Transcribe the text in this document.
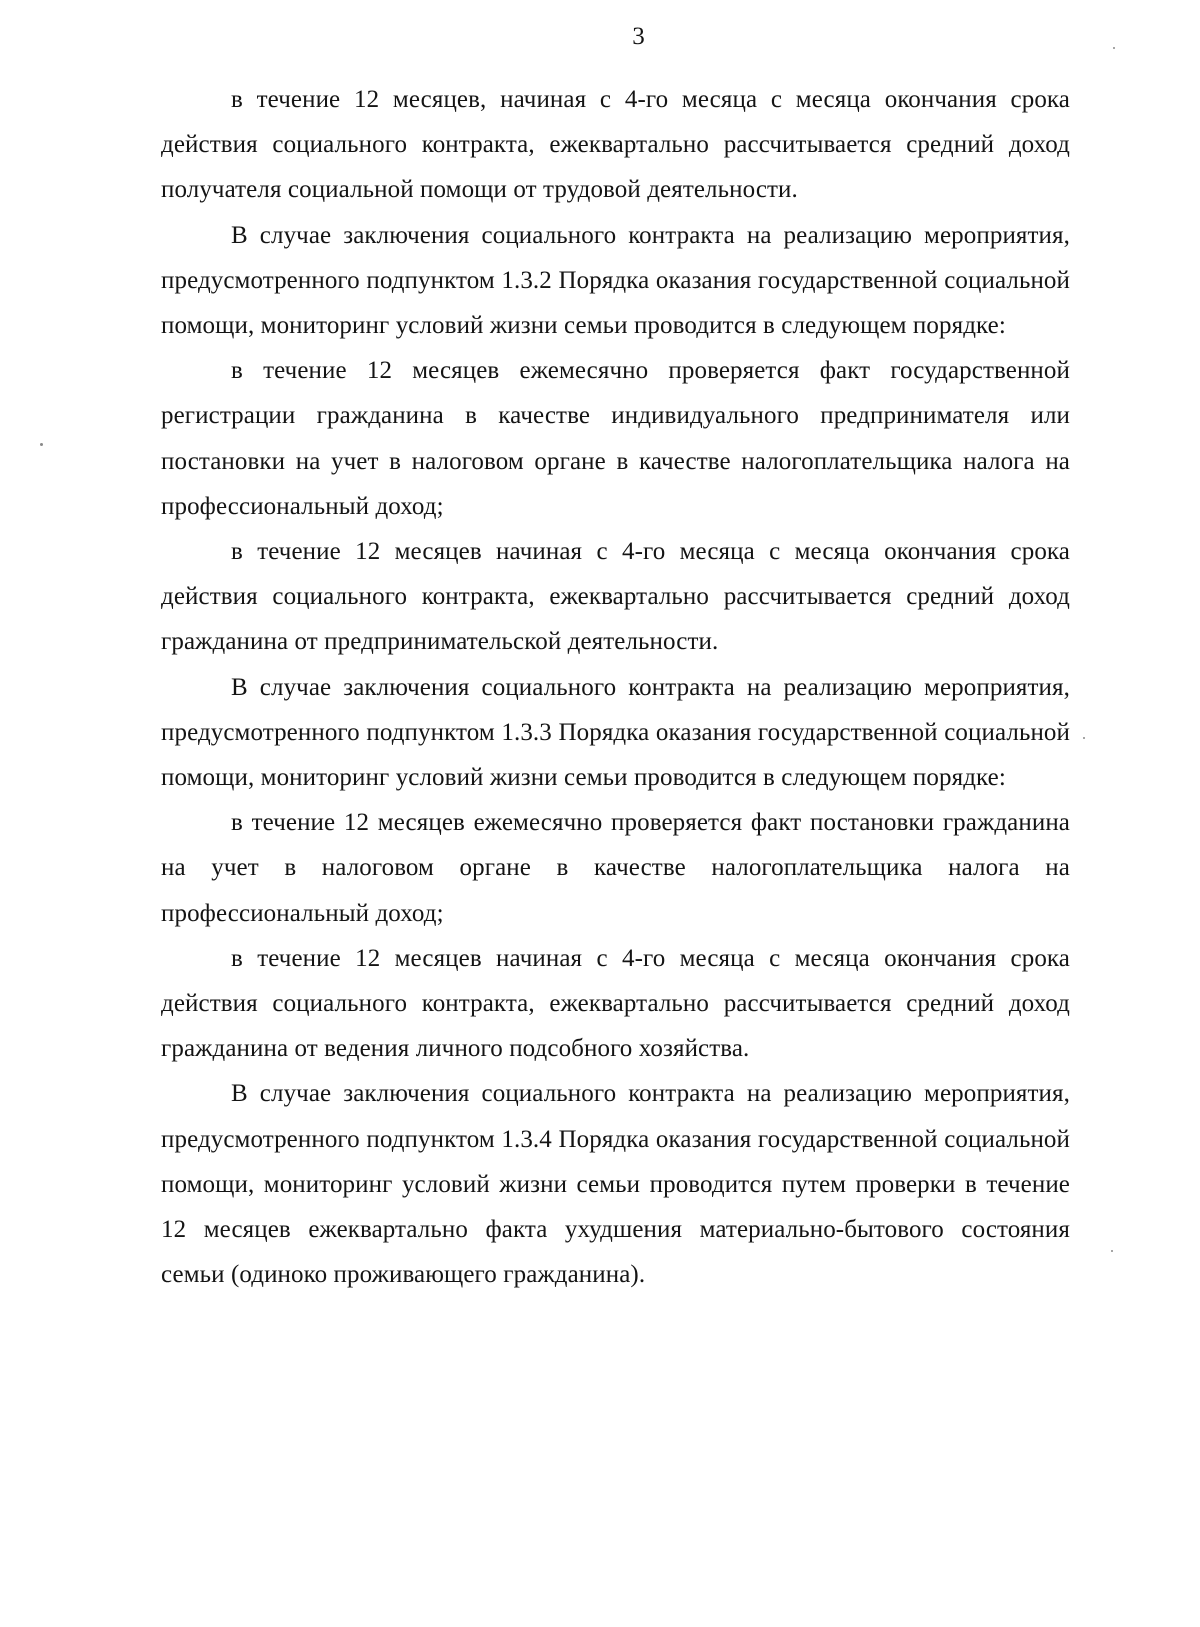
3

в течение 12 месяцев, начиная с 4-го месяца с месяца окончания срока действия социального контракта, ежеквартально рассчитывается средний доход получателя социальной помощи от трудовой деятельности.

В случае заключения социального контракта на реализацию мероприятия, предусмотренного подпунктом 1.3.2 Порядка оказания государственной социальной помощи, мониторинг условий жизни семьи проводится в следующем порядке:

в течение 12 месяцев ежемесячно проверяется факт государственной регистрации гражданина в качестве индивидуального предпринимателя или постановки на учет в налоговом органе в качестве налогоплательщика налога на профессиональный доход;

в течение 12 месяцев начиная с 4-го месяца с месяца окончания срока действия социального контракта, ежеквартально рассчитывается средний доход гражданина от предпринимательской деятельности.

В случае заключения социального контракта на реализацию мероприятия, предусмотренного подпунктом 1.3.3 Порядка оказания государственной социальной помощи, мониторинг условий жизни семьи проводится в следующем порядке:

в течение 12 месяцев ежемесячно проверяется факт постановки гражданина на учет в налоговом органе в качестве налогоплательщика налога на профессиональный доход;

в течение 12 месяцев начиная с 4-го месяца с месяца окончания срока действия социального контракта, ежеквартально рассчитывается средний доход гражданина от ведения личного подсобного хозяйства.

В случае заключения социального контракта на реализацию мероприятия, предусмотренного подпунктом 1.3.4 Порядка оказания государственной социальной помощи, мониторинг условий жизни семьи проводится путем проверки в течение 12 месяцев ежеквартально факта ухудшения материально-бытового состояния семьи (одиноко проживающего гражданина).
